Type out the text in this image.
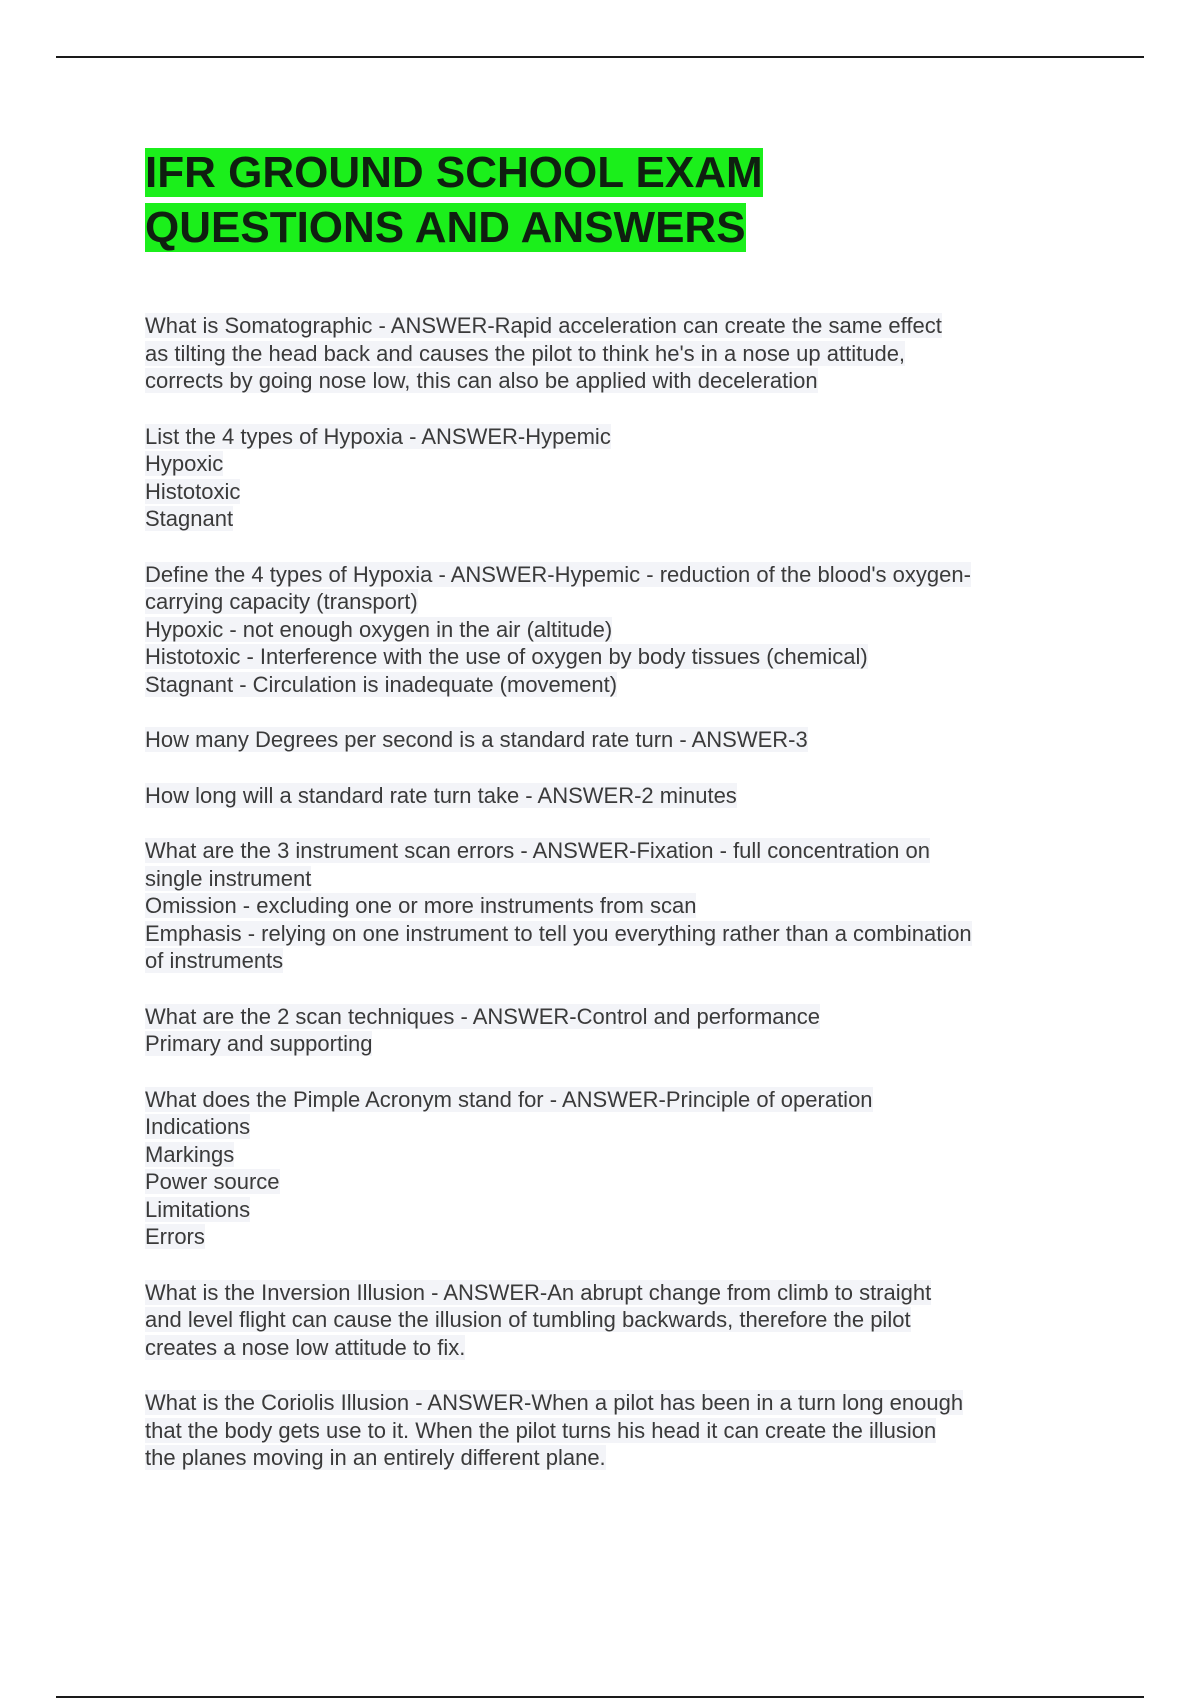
IFR GROUND SCHOOL EXAM
QUESTIONS AND ANSWERS

What is Somatographic - ANSWER-Rapid acceleration can create the same effect
as tilting the head back and causes the pilot to think he's in a nose up attitude,
corrects by going nose low, this can also be applied with deceleration

List the 4 types of Hypoxia - ANSWER-Hypemic
Hypoxic
Histotoxic
Stagnant

Define the 4 types of Hypoxia - ANSWER-Hypemic - reduction of the blood's oxygen-
carrying capacity (transport)
Hypoxic - not enough oxygen in the air (altitude)
Histotoxic - Interference with the use of oxygen by body tissues (chemical)
Stagnant - Circulation is inadequate (movement)

How many Degrees per second is a standard rate turn - ANSWER-3

How long will a standard rate turn take - ANSWER-2 minutes

What are the 3 instrument scan errors - ANSWER-Fixation - full concentration on
single instrument
Omission - excluding one or more instruments from scan
Emphasis - relying on one instrument to tell you everything rather than a combination
of instruments

What are the 2 scan techniques - ANSWER-Control and performance
Primary and supporting

What does the Pimple Acronym stand for - ANSWER-Principle of operation
Indications
Markings
Power source
Limitations
Errors

What is the Inversion Illusion - ANSWER-An abrupt change from climb to straight
and level flight can cause the illusion of tumbling backwards, therefore the pilot
creates a nose low attitude to fix.

What is the Coriolis Illusion - ANSWER-When a pilot has been in a turn long enough
that the body gets use to it. When the pilot turns his head it can create the illusion
the planes moving in an entirely different plane.
